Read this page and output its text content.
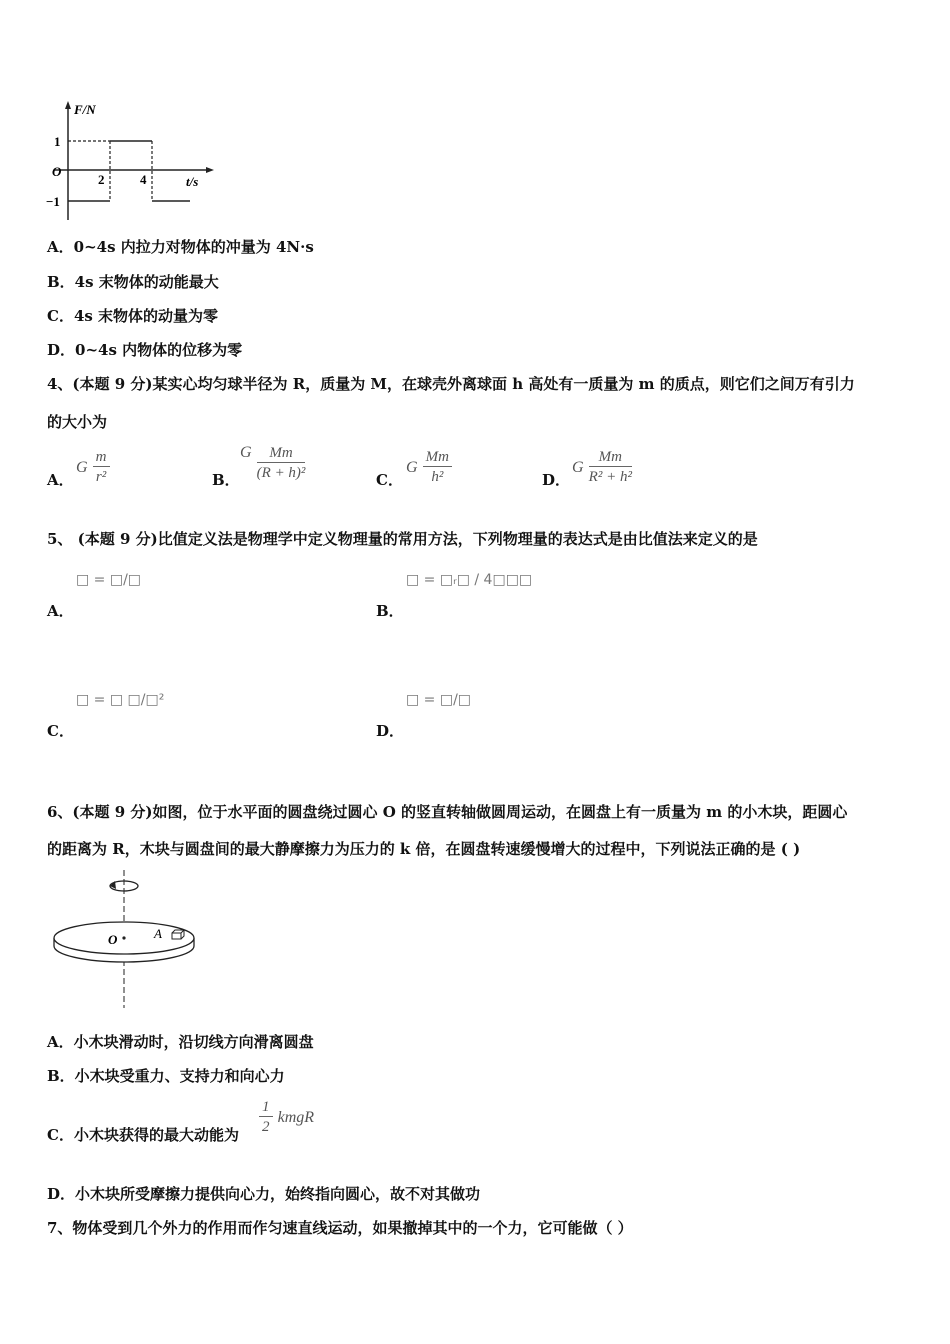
F/N
t/s
1
−1
O
2	4
A．0~4s 内拉力对物体的冲量为 4N·s
B．4s 末物体的动能最大
C．4s 末物体的动量为零
D．0~4s 内物体的位移为零
4、(本题 9 分)某实心均匀球半径为 R，质量为 M，在球壳外离球面 h 高处有一质量为 m 的质点，则它们之间万有引力
的大小为
A．
G $\frac{m}{\text{r²}}$	B．
G $\frac{Mm}{\text{(R + h)²}}$	C．
G $\frac{Mm}{\text{h²}}$	D．
G $\frac{Mm}{\text{R² + h²}}$
5、 (本题 9 分)比值定义法是物理学中定义物理量的常用方法，下列物理量的表达式是由比值法来定义的是
□ = □/□
A．
□ = □ᵣ□ / 4□□□
B．
□ = □ □/□²
C．
□ = □/□
D．
6、(本题 9 分)如图，位于水平面的圆盘绕过圆心 O 的竖直转轴做圆周运动，在圆盘上有一质量为 m 的小木块，距圆心
的距离为 R，木块与圆盘间的最大静摩擦力为压力的 k 倍，在圆盘转速缓慢增大的过程中，下列说法正确的是 ( )
O	A
A．小木块滑动时，沿切线方向滑离圆盘
B．小木块受重力、支持力和向心力
C．小木块获得的最大动能为 $\frac{1}{2}$ kmgR
D．小木块所受摩擦力提供向心力，始终指向圆心，故不对其做功
7、物体受到几个外力的作用而作匀速直线运动，如果撤掉其中的一个力，它可能做（ ）
